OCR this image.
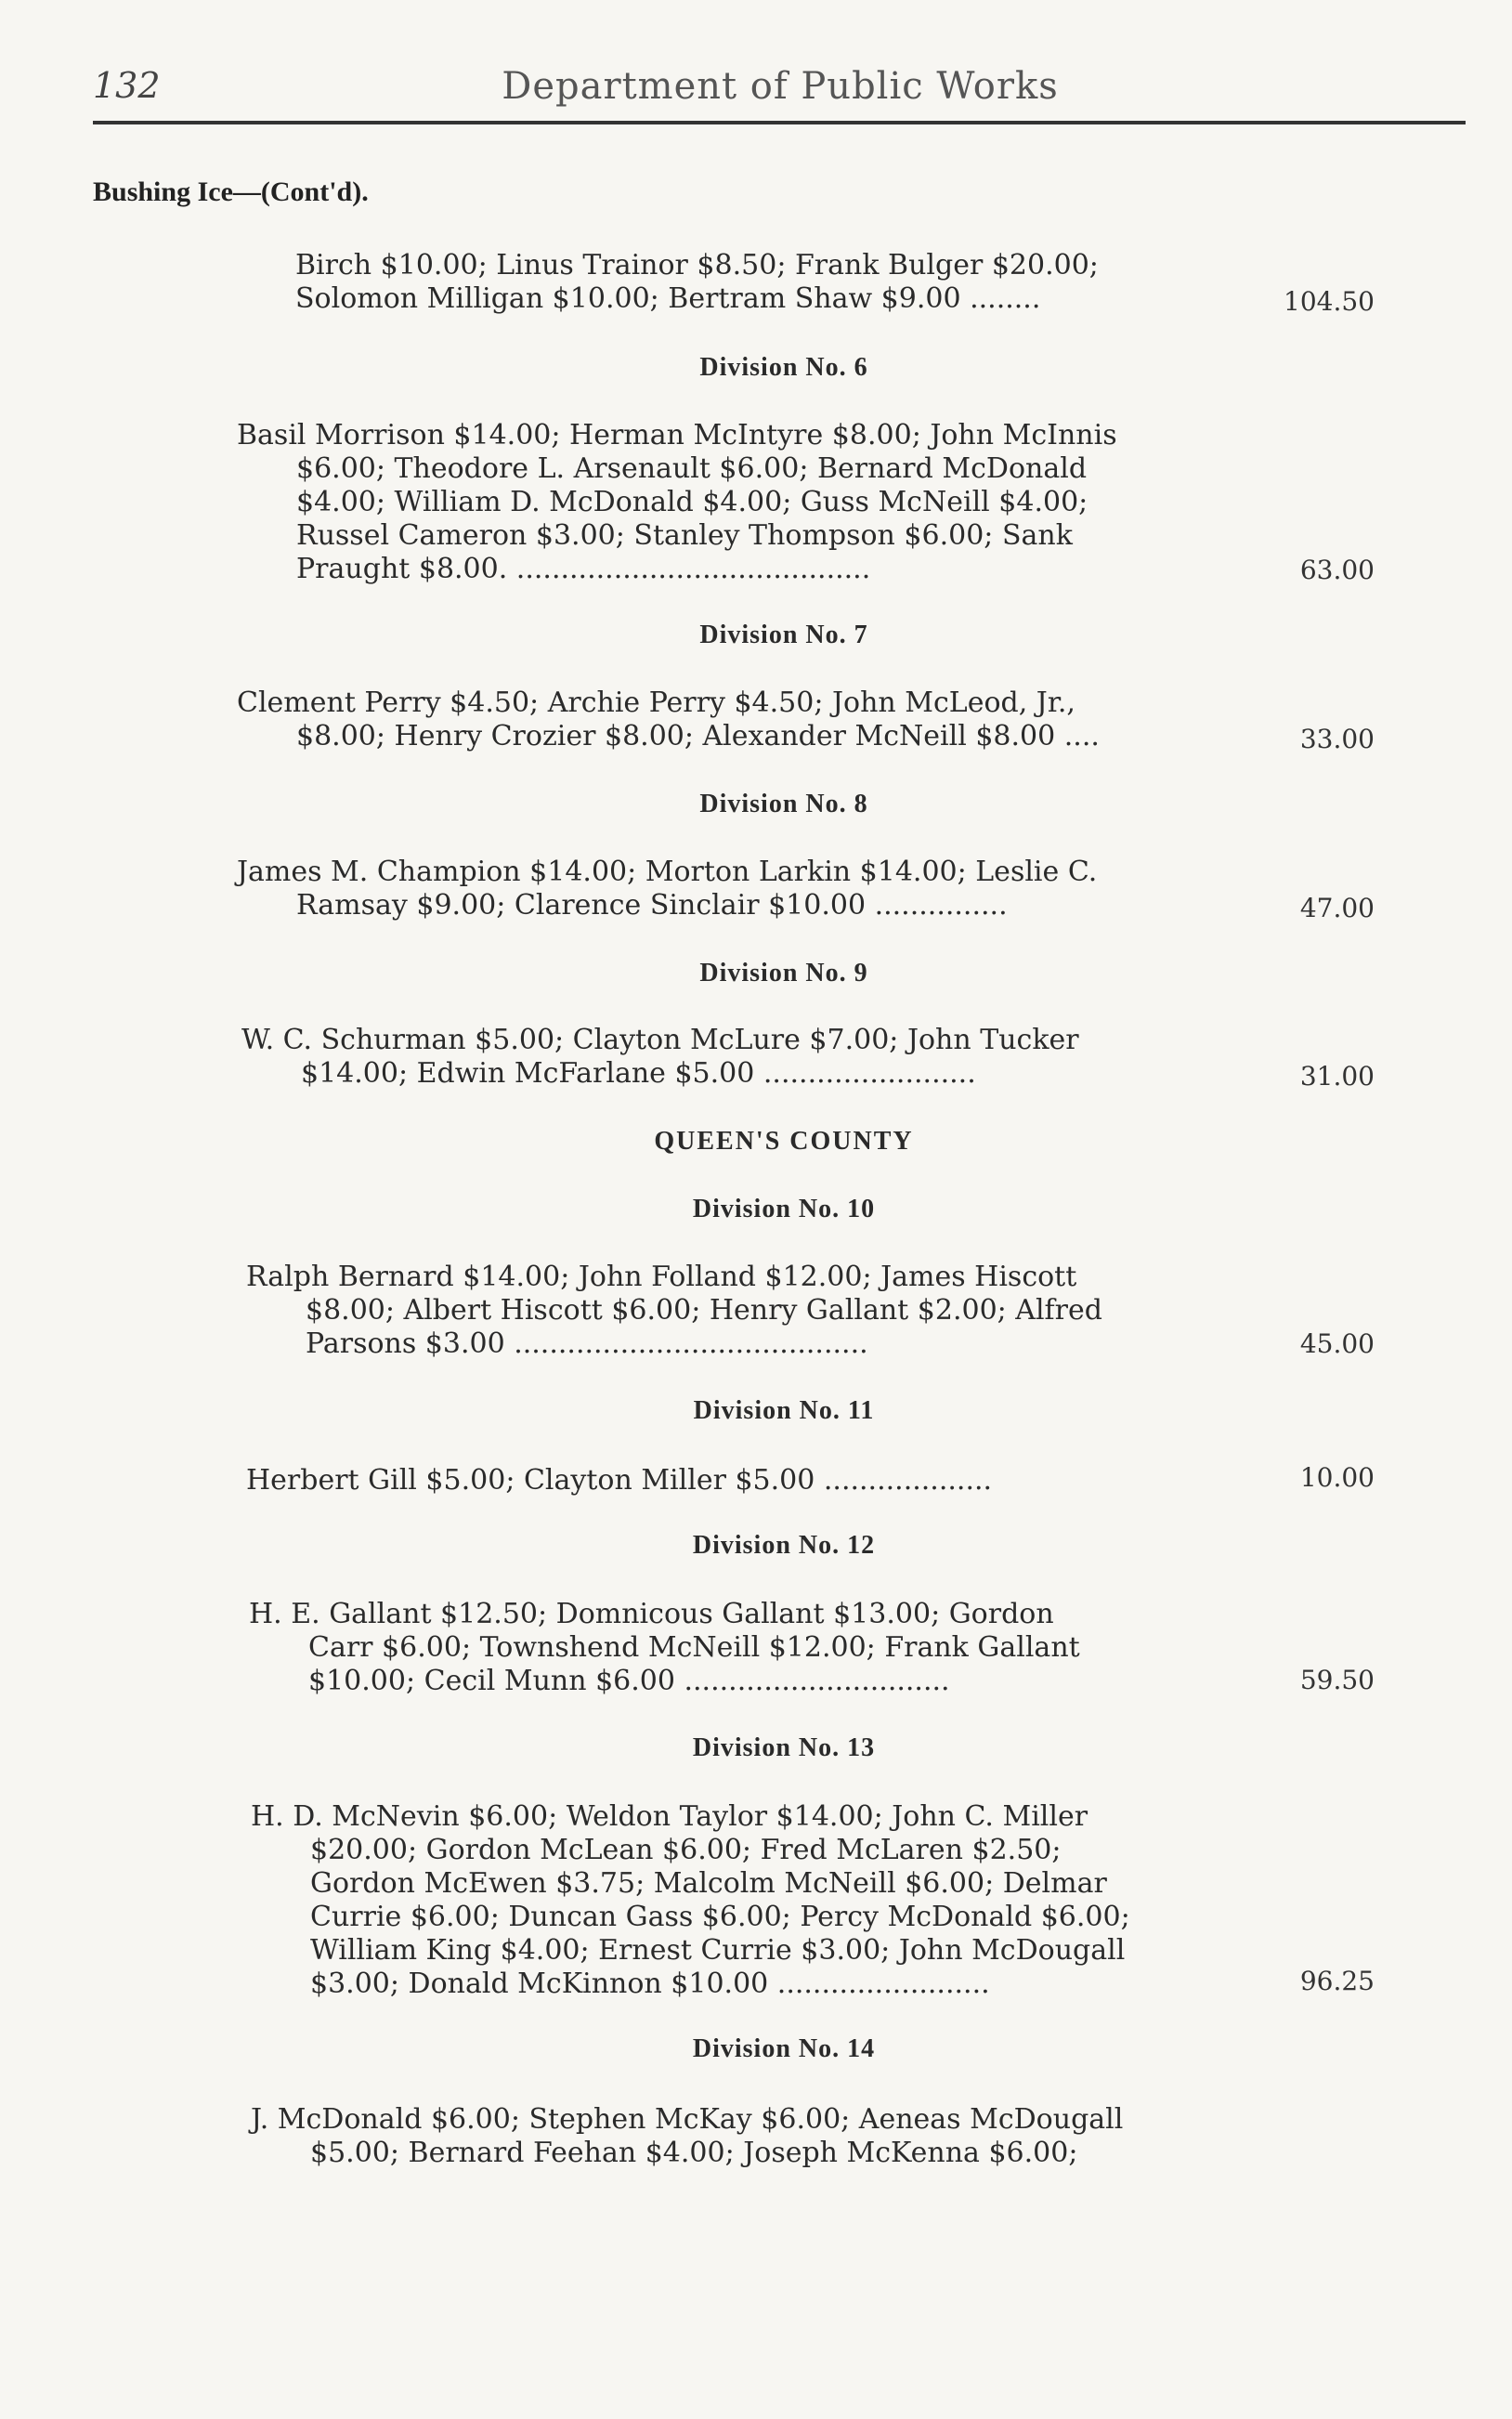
132	Department of Public Works
Bushing Ice—(Cont'd).
Birch $10.00; Linus Trainor $8.50; Frank Bulger $20.00;
Solomon Milligan $10.00; Bertram Shaw $9.00 ........	104.50
Division No. 6
Basil Morrison $14.00; Herman McIntyre $8.00; John McInnis
$6.00; Theodore L. Arsenault $6.00; Bernard McDonald
$4.00; William D. McDonald $4.00; Guss McNeill $4.00;
Russel Cameron $3.00; Stanley Thompson $6.00; Sank
Praught $8.00. ........................................	63.00
Division No. 7
Clement Perry $4.50; Archie Perry $4.50; John McLeod, Jr.,
$8.00; Henry Crozier $8.00; Alexander McNeill $8.00 ....	33.00
Division No. 8
James M. Champion $14.00; Morton Larkin $14.00; Leslie C.
Ramsay $9.00; Clarence Sinclair $10.00 ...............	47.00
Division No. 9
W. C. Schurman $5.00; Clayton McLure $7.00; John Tucker
$14.00; Edwin McFarlane $5.00 ........................	31.00
QUEEN'S COUNTY
Division No. 10
Ralph Bernard $14.00; John Folland $12.00; James Hiscott
$8.00; Albert Hiscott $6.00; Henry Gallant $2.00; Alfred
Parsons $3.00 ........................................	45.00
Division No. 11
Herbert Gill $5.00; Clayton Miller $5.00 ...................	10.00
Division No. 12
H. E. Gallant $12.50; Domnicous Gallant $13.00; Gordon
Carr $6.00; Townshend McNeill $12.00; Frank Gallant
$10.00; Cecil Munn $6.00 ..............................	59.50
Division No. 13
H. D. McNevin $6.00; Weldon Taylor $14.00; John C. Miller
$20.00; Gordon McLean $6.00; Fred McLaren $2.50;
Gordon McEwen $3.75; Malcolm McNeill $6.00; Delmar
Currie $6.00; Duncan Gass $6.00; Percy McDonald $6.00;
William King $4.00; Ernest Currie $3.00; John McDougall
$3.00; Donald McKinnon $10.00 ........................	96.25
Division No. 14
J. McDonald $6.00; Stephen McKay $6.00; Aeneas McDougall
$5.00; Bernard Feehan $4.00; Joseph McKenna $6.00;
